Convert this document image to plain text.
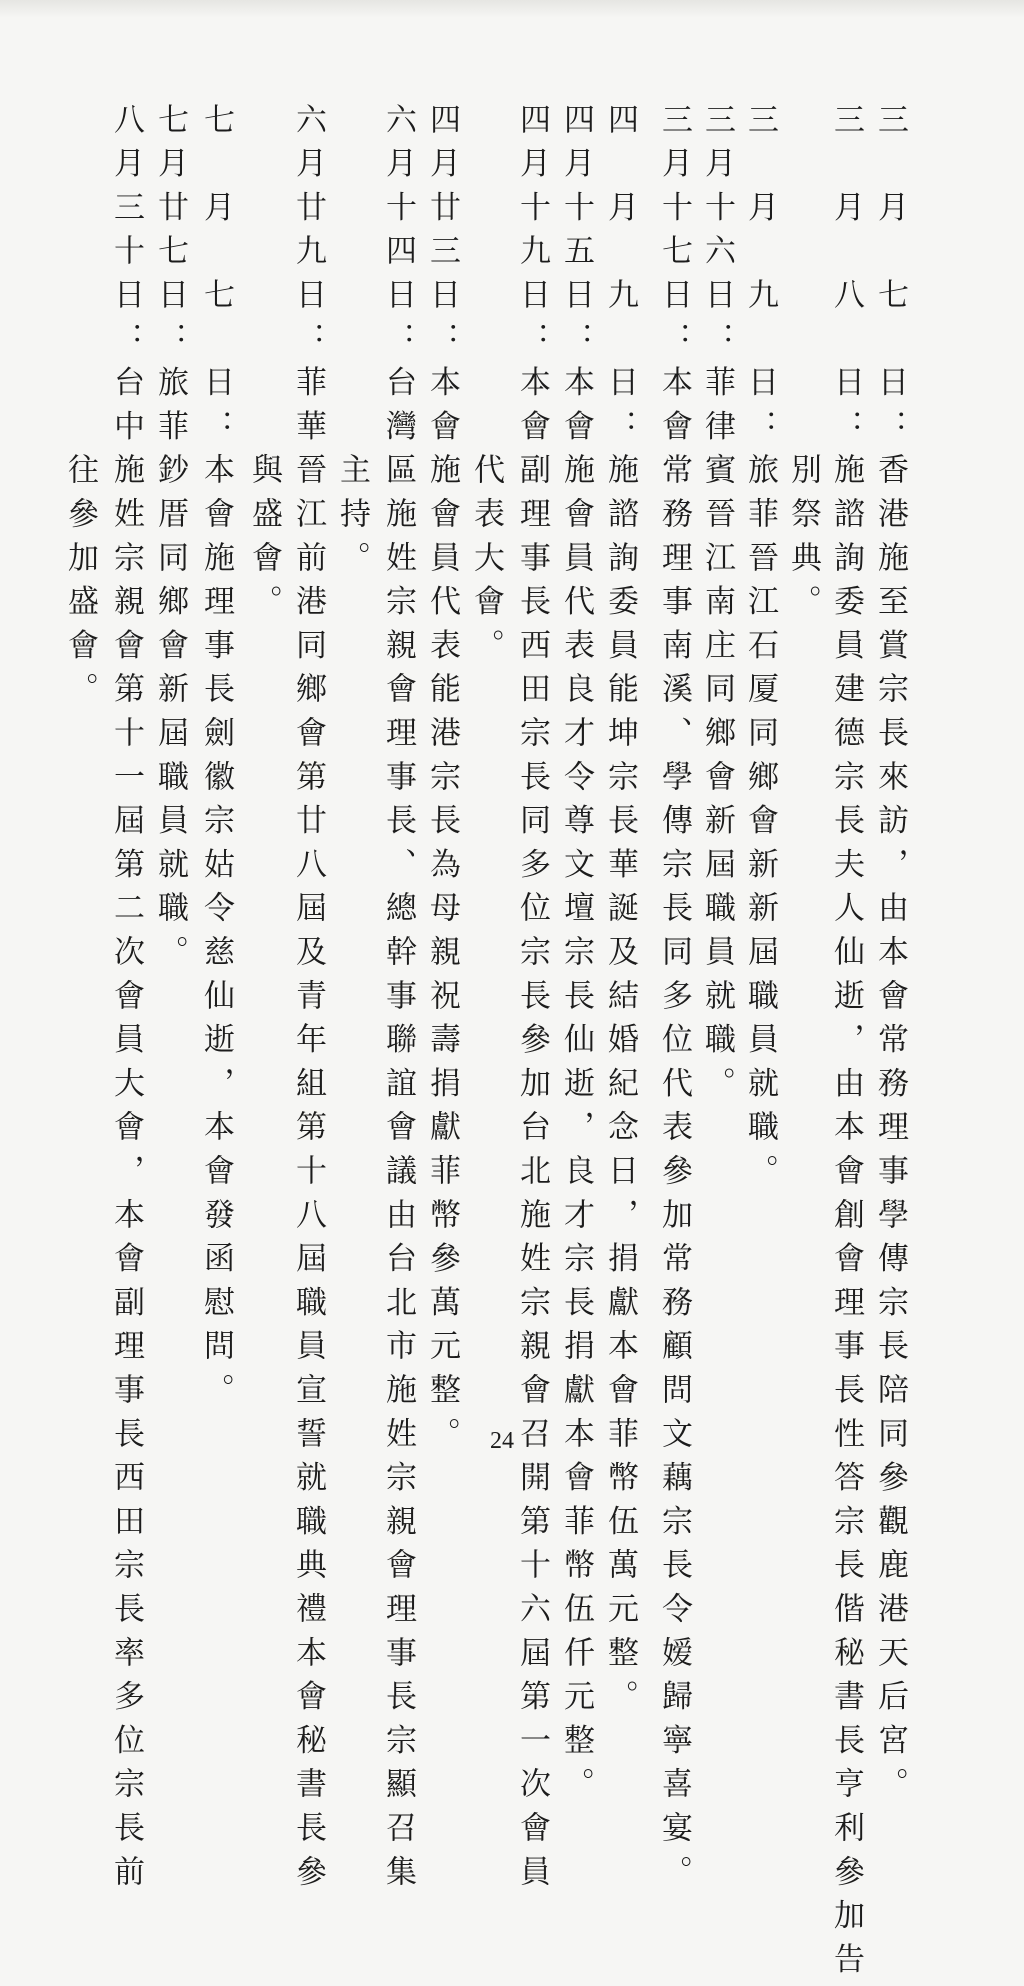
三　月　七　日：香港施至賞宗長來訪，由本會常務理事學傳宗長陪同參觀鹿港天后宮。
三　月　八　日：施諮詢委員建德宗長夫人仙逝，由本會創會理事長性答宗長偕秘書長亨利參加告
　　　　　　　　別祭典。
三　月　九　日：旅菲晉江石厦同鄉會新新屆職員就職。
三月十六日：菲律賓晉江南庄同鄉會新屆職員就職。
三月十七日：本會常務理事南溪、學傳宗長同多位代表參加常務顧問文藕宗長令嫒歸寧喜宴。
四　月　九　日：施諮詢委員能坤宗長華誕及結婚紀念日，捐獻本會菲幣伍萬元整。
四月十五日：本會施會員代表良才令尊文壇宗長仙逝，良才宗長捐獻本會菲幣伍仟元整。
四月十九日：本會副理事長西田宗長同多位宗長參加台北施姓宗親會召開第十六屆第一次會員
　　　　　　　　代表大會。
四月廿三日：本會施會員代表能港宗長為母親祝壽捐獻菲幣參萬元整。
六月十四日：台灣區施姓宗親會理事長、總幹事聯誼會議由台北市施姓宗親會理事長宗顯召集
　　　　　　　　主持。
六月廿九日：菲華晉江前港同鄉會第廿八屆及青年組第十八屆職員宣誓就職典禮本會秘書長參
　　　　　　　　與盛會。
七　月　七　日：本會施理事長劍徽宗姑令慈仙逝，本會發函慰問。
七月廿七日：旅菲鈔厝同鄉會新屆職員就職。
八月三十日：台中施姓宗親會第十一屆第二次會員大會，本會副理事長西田宗長率多位宗長前
　　　　　　　　往參加盛會。
24
